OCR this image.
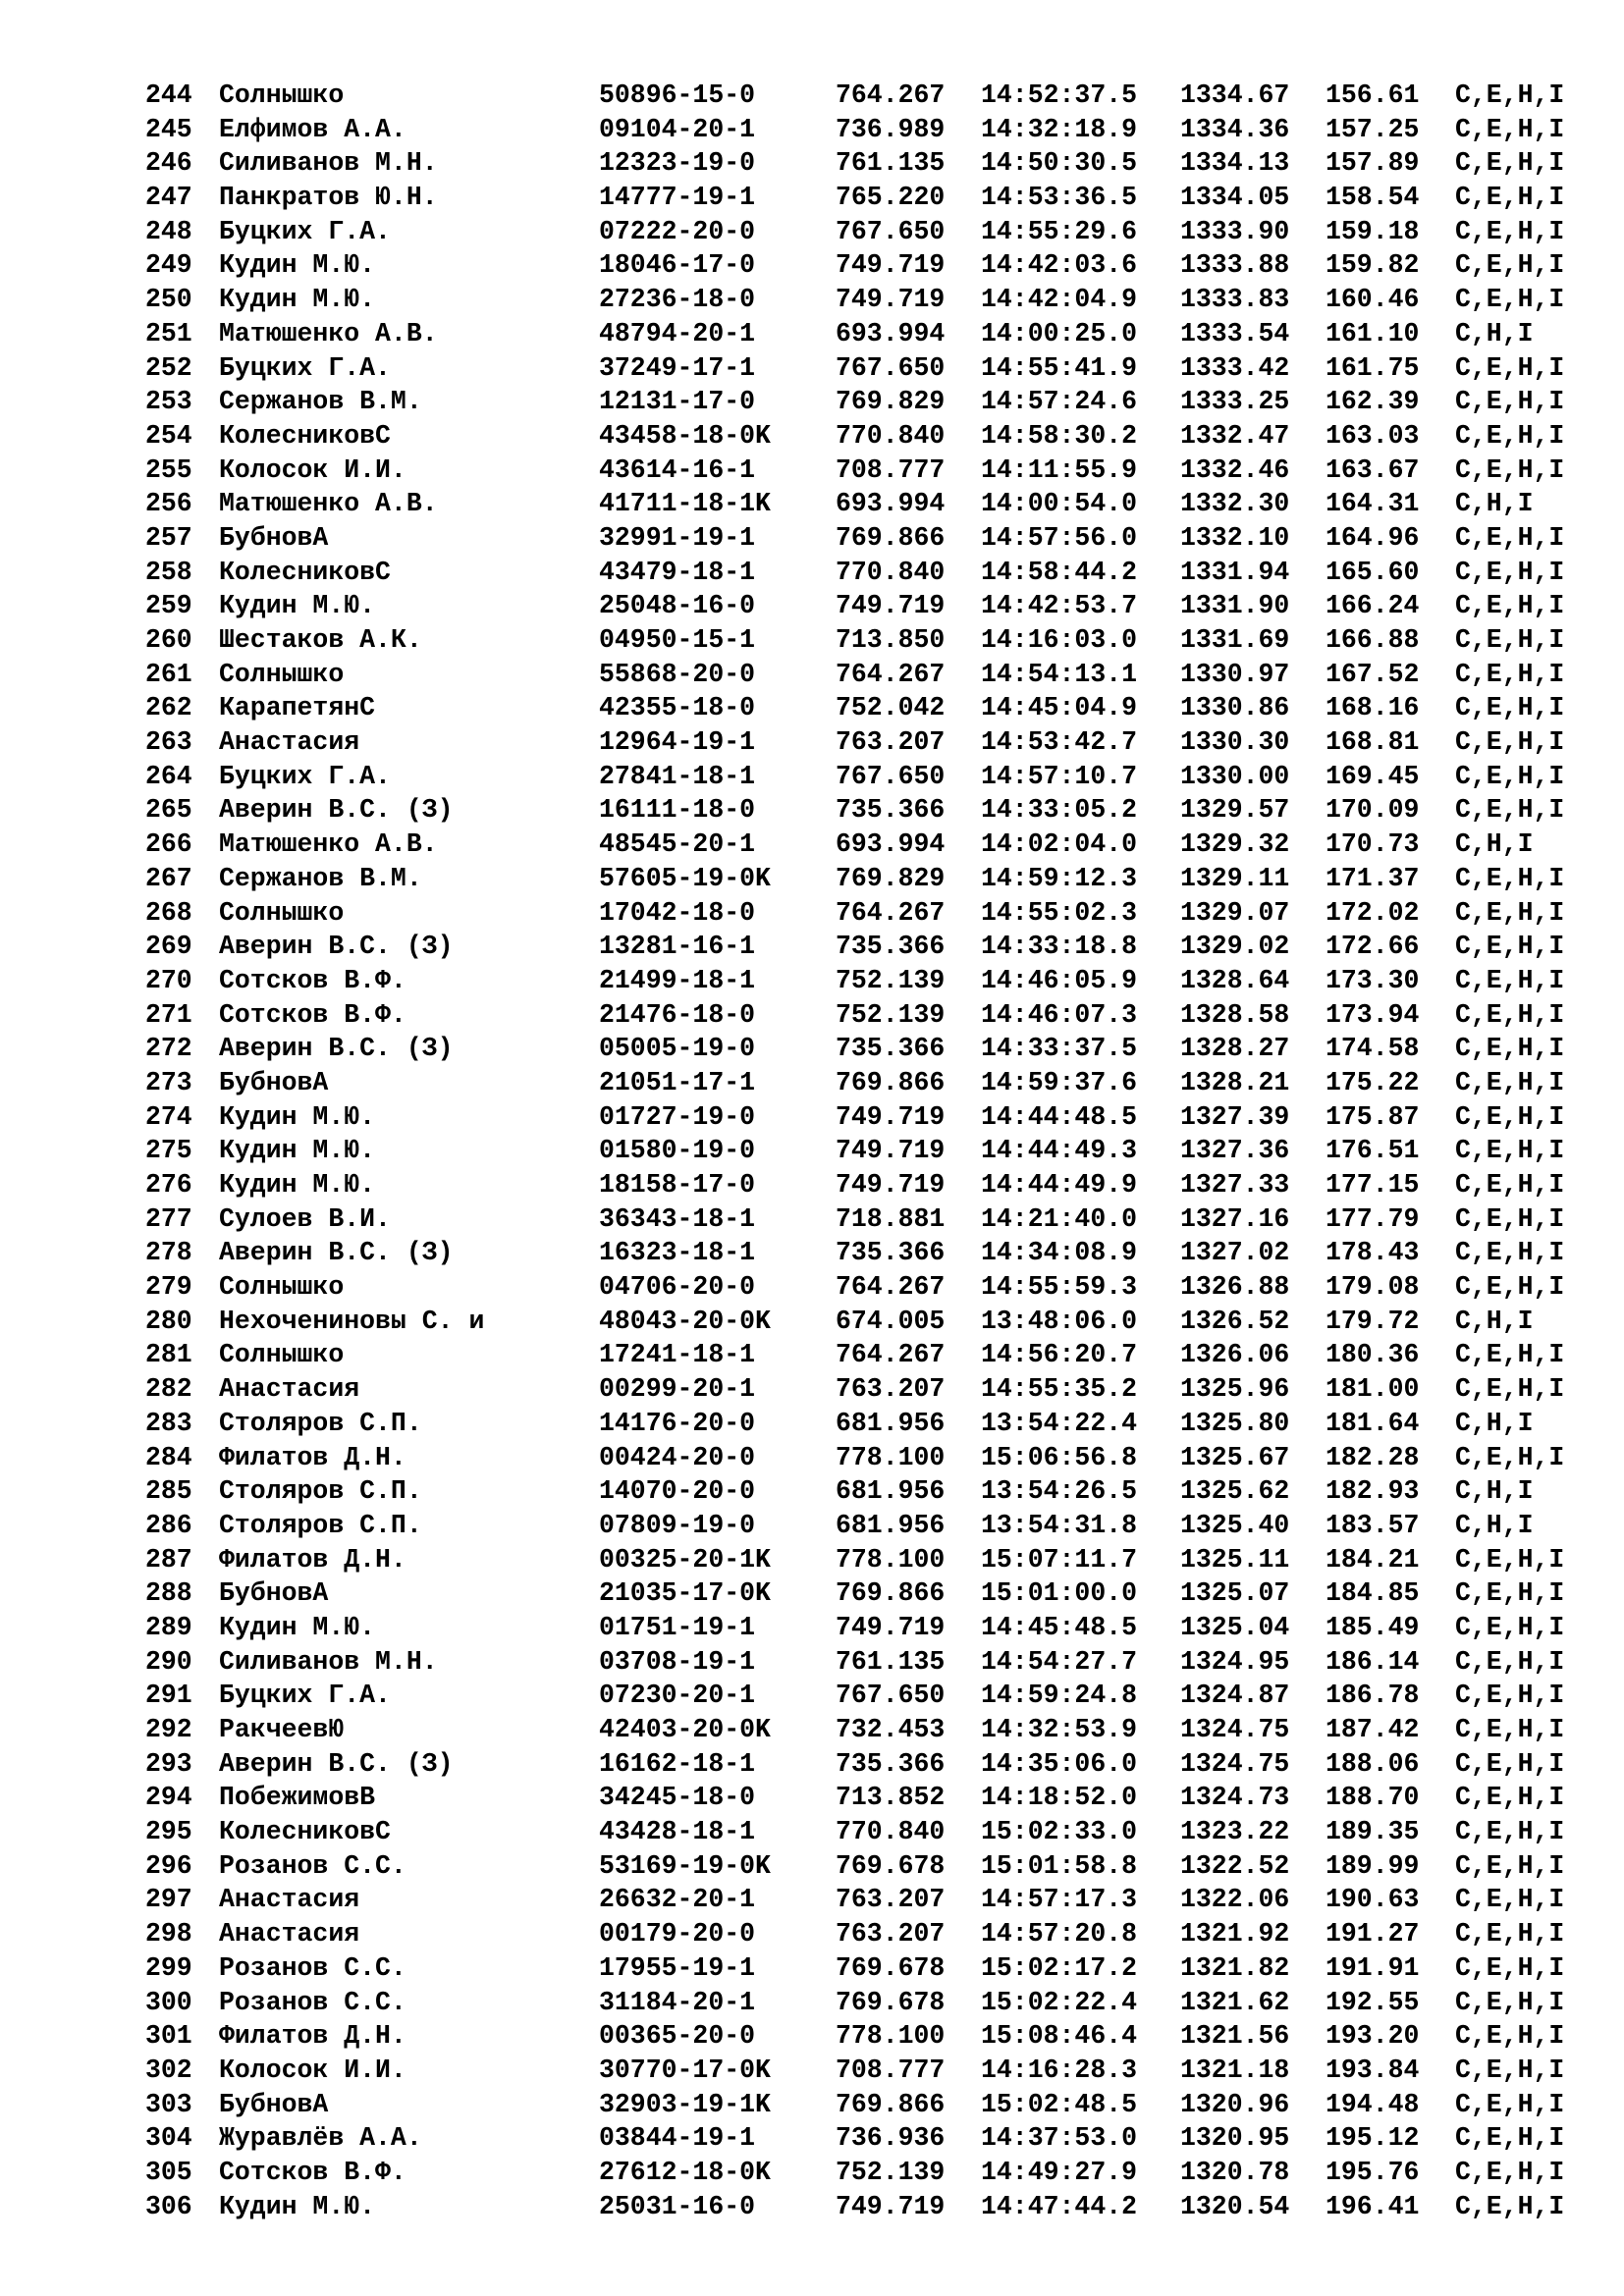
244 Солнышко	50896-15-0	764.267 14:52:37.5 1334.67 156.61 C,E,H,I
245 Елфимов А.А.	09104-20-1	736.989 14:32:18.9 1334.36 157.25 C,E,H,I
246 Силиванов М.Н.	12323-19-0	761.135 14:50:30.5 1334.13 157.89 C,E,H,I
247 Панкратов Ю.Н.	14777-19-1	765.220 14:53:36.5 1334.05 158.54 C,E,H,I
248 Буцких Г.А.	07222-20-0	767.650 14:55:29.6 1333.90 159.18 C,E,H,I
249 Кудин М.Ю.	18046-17-0	749.719 14:42:03.6 1333.88 159.82 C,E,H,I
250 Кудин М.Ю.	27236-18-0	749.719 14:42:04.9 1333.83 160.46 C,E,H,I
251 Матюшенко А.В.	48794-20-1	693.994 14:00:25.0 1333.54 161.10 C,H,I
252 Буцких Г.А.	37249-17-1	767.650 14:55:41.9 1333.42 161.75 C,E,H,I
253 Сержанов В.М.	12131-17-0	769.829 14:57:24.6 1333.25 162.39 C,E,H,I
254 КолесниковС	43458-18-0K 770.840 14:58:30.2 1332.47 163.03 C,E,H,I
255 Колосок И.И.	43614-16-1	708.777 14:11:55.9 1332.46 163.67 C,E,H,I
256 Матюшенко А.В.	41711-18-1K 693.994 14:00:54.0 1332.30 164.31 C,H,I
257 БубновА	32991-19-1	769.866 14:57:56.0 1332.10 164.96 C,E,H,I
258 КолесниковС	43479-18-1	770.840 14:58:44.2 1331.94 165.60 C,E,H,I
259 Кудин М.Ю.	25048-16-0	749.719 14:42:53.7 1331.90 166.24 C,E,H,I
260 Шестаков А.К.	04950-15-1	713.850 14:16:03.0 1331.69 166.88 C,E,H,I
261 Солнышко	55868-20-0	764.267 14:54:13.1 1330.97 167.52 C,E,H,I
262 КарапетянС	42355-18-0	752.042 14:45:04.9 1330.86 168.16 C,E,H,I
263 Анастасия	12964-19-1	763.207 14:53:42.7 1330.30 168.81 C,E,H,I
264 Буцких Г.А.	27841-18-1	767.650 14:57:10.7 1330.00 169.45 C,E,H,I
265 Аверин В.С. (З)	16111-18-0	735.366 14:33:05.2 1329.57 170.09 C,E,H,I
266 Матюшенко А.В.	48545-20-1	693.994 14:02:04.0 1329.32 170.73 C,H,I
267 Сержанов В.М.	57605-19-0K 769.829 14:59:12.3 1329.11 171.37 C,E,H,I
268 Солнышко	17042-18-0	764.267 14:55:02.3 1329.07 172.02 C,E,H,I
269 Аверин В.С. (З)	13281-16-1	735.366 14:33:18.8 1329.02 172.66 C,E,H,I
270 Сотсков В.Ф.	21499-18-1	752.139 14:46:05.9 1328.64 173.30 C,E,H,I
271 Сотсков В.Ф.	21476-18-0	752.139 14:46:07.3 1328.58 173.94 C,E,H,I
272 Аверин В.С. (З)	05005-19-0	735.366 14:33:37.5 1328.27 174.58 C,E,H,I
273 БубновА	21051-17-1	769.866 14:59:37.6 1328.21 175.22 C,E,H,I
274 Кудин М.Ю.	01727-19-0	749.719 14:44:48.5 1327.39 175.87 C,E,H,I
275 Кудин М.Ю.	01580-19-0	749.719 14:44:49.3 1327.36 176.51 C,E,H,I
276 Кудин М.Ю.	18158-17-0	749.719 14:44:49.9 1327.33 177.15 C,E,H,I
277 Сулоев В.И.	36343-18-1	718.881 14:21:40.0 1327.16 177.79 C,E,H,I
278 Аверин В.С. (З)	16323-18-1	735.366 14:34:08.9 1327.02 178.43 C,E,H,I
279 Солнышко	04706-20-0	764.267 14:55:59.3 1326.88 179.08 C,E,H,I
280 Нехочениновы С. и	48043-20-0K 674.005 13:48:06.0 1326.52 179.72 C,H,I
281 Солнышко	17241-18-1	764.267 14:56:20.7 1326.06 180.36 C,E,H,I
282 Анастасия	00299-20-1	763.207 14:55:35.2 1325.96 181.00 C,E,H,I
283 Столяров С.П.	14176-20-0	681.956 13:54:22.4 1325.80 181.64 C,H,I
284 Филатов Д.Н.	00424-20-0	778.100 15:06:56.8 1325.67 182.28 C,E,H,I
285 Столяров С.П.	14070-20-0	681.956 13:54:26.5 1325.62 182.93 C,H,I
286 Столяров С.П.	07809-19-0	681.956 13:54:31.8 1325.40 183.57 C,H,I
287 Филатов Д.Н.	00325-20-1K 778.100 15:07:11.7 1325.11 184.21 C,E,H,I
288 БубновА	21035-17-0K 769.866 15:01:00.0 1325.07 184.85 C,E,H,I
289 Кудин М.Ю.	01751-19-1	749.719 14:45:48.5 1325.04 185.49 C,E,H,I
290 Силиванов М.Н.	03708-19-1	761.135 14:54:27.7 1324.95 186.14 C,E,H,I
291 Буцких Г.А.	07230-20-1	767.650 14:59:24.8 1324.87 186.78 C,E,H,I
292 РакчеевЮ	42403-20-0K 732.453 14:32:53.9 1324.75 187.42 C,E,H,I
293 Аверин В.С. (З)	16162-18-1	735.366 14:35:06.0 1324.75 188.06 C,E,H,I
294 ПобежимовВ	34245-18-0	713.852 14:18:52.0 1324.73 188.70 C,E,H,I
295 КолесниковС	43428-18-1	770.840 15:02:33.0 1323.22 189.35 C,E,H,I
296 Розанов С.С.	53169-19-0K 769.678 15:01:58.8 1322.52 189.99 C,E,H,I
297 Анастасия	26632-20-1	763.207 14:57:17.3 1322.06 190.63 C,E,H,I
298 Анастасия	00179-20-0	763.207 14:57:20.8 1321.92 191.27 C,E,H,I
299 Розанов С.С.	17955-19-1	769.678 15:02:17.2 1321.82 191.91 C,E,H,I
300 Розанов С.С.	31184-20-1	769.678 15:02:22.4 1321.62 192.55 C,E,H,I
301 Филатов Д.Н.	00365-20-0	778.100 15:08:46.4 1321.56 193.20 C,E,H,I
302 Колосок И.И.	30770-17-0K 708.777 14:16:28.3 1321.18 193.84 C,E,H,I
303 БубновА	32903-19-1K 769.866 15:02:48.5 1320.96 194.48 C,E,H,I
304 Журавлёв А.А.	03844-19-1	736.936 14:37:53.0 1320.95 195.12 C,E,H,I
305 Сотсков В.Ф.	27612-18-0K 752.139 14:49:27.9 1320.78 195.76 C,E,H,I
306 Кудин М.Ю.	25031-16-0	749.719 14:47:44.2 1320.54 196.41 C,E,H,I
